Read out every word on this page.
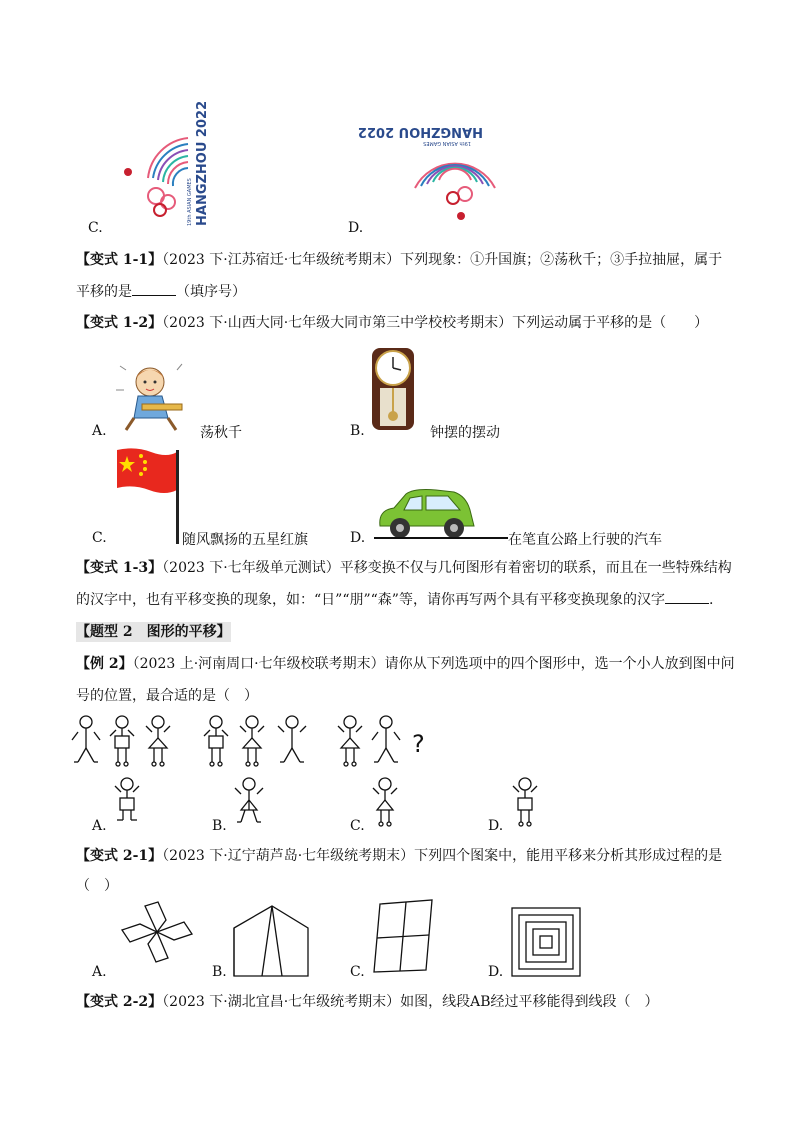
HANGZHOU 2022
19th ASIAN GAMES
C.
HANGZHOU 2022
19th ASIAN GAMES
D.
【变式 1-1】（2023 下·江苏宿迁·七年级统考期末）下列现象：①升国旗；②荡秋千；③手拉抽屉，属于
平移的是	（填序号）
【变式 1-2】（2023 下·山西大同·七年级大同市第三中学校校考期末）下列运动属于平移的是（　　）
A.	荡秋千	B.	钟摆的摆动
C.	随风飘扬的五星红旗	D.	在笔直公路上行驶的汽车
【变式 1-3】（2023 下·七年级单元测试）平移变换不仅与几何图形有着密切的联系，而且在一些特殊结构
的汉字中，也有平移变换的现象，如：“日”“朋”“森”等，请你再写两个具有平移变换现象的汉字	.
【题型 2　图形的平移】
【例 2】（2023 上·河南周口·七年级校联考期末）请你从下列选项中的四个图形中，选一个小人放到图中问
号的位置，最合适的是（　）
?
A.	B.	C.	D.
【变式 2-1】（2023 下·辽宁葫芦岛·七年级统考期末）下列四个图案中，能用平移来分析其形成过程的是
（　）
A.	B.	C.	D.
【变式 2-2】（2023 下·湖北宜昌·七年级统考期末）如图，线段AB经过平移能得到线段（　）
